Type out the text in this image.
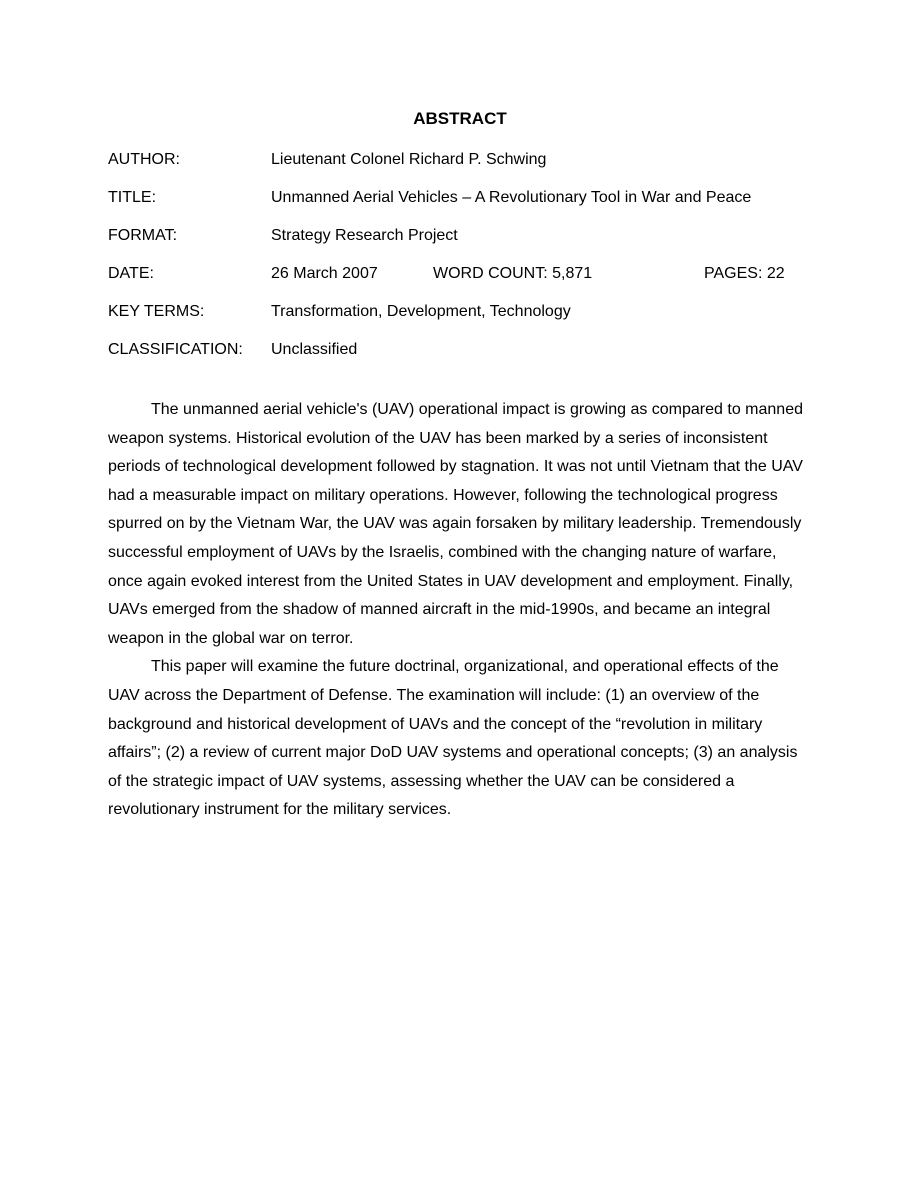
ABSTRACT
AUTHOR:	Lieutenant Colonel Richard P. Schwing
TITLE:	Unmanned Aerial Vehicles – A Revolutionary Tool in War and Peace
FORMAT:	Strategy Research Project
DATE:	26 March 2007	WORD COUNT: 5,871	PAGES: 22
KEY TERMS:	Transformation, Development, Technology
CLASSIFICATION: Unclassified

The unmanned aerial vehicle's (UAV) operational impact is growing as compared to manned weapon systems. Historical evolution of the UAV has been marked by a series of inconsistent periods of technological development followed by stagnation. It was not until Vietnam that the UAV had a measurable impact on military operations. However, following the technological progress spurred on by the Vietnam War, the UAV was again forsaken by military leadership. Tremendously successful employment of UAVs by the Israelis, combined with the changing nature of warfare, once again evoked interest from the United States in UAV development and employment. Finally, UAVs emerged from the shadow of manned aircraft in the mid-1990s, and became an integral weapon in the global war on terror.

This paper will examine the future doctrinal, organizational, and operational effects of the UAV across the Department of Defense. The examination will include: (1) an overview of the background and historical development of UAVs and the concept of the “revolution in military affairs”; (2) a review of current major DoD UAV systems and operational concepts; (3) an analysis of the strategic impact of UAV systems, assessing whether the UAV can be considered a revolutionary instrument for the military services.
